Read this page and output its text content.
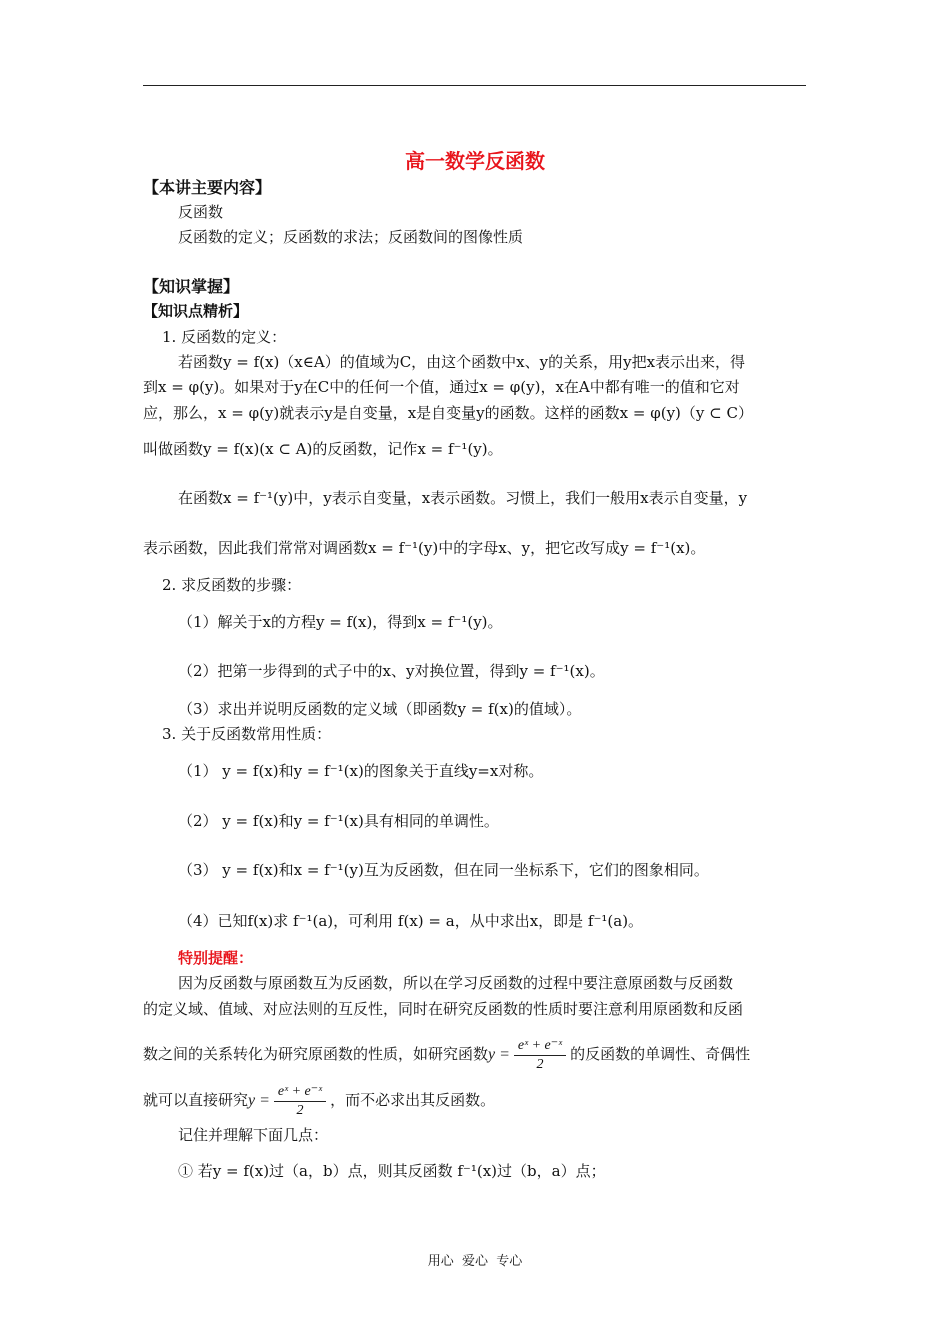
高一数学反函数
【本讲主要内容】
反函数
反函数的定义；反函数的求法；反函数间的图像性质
【知识掌握】
【知识点精析】
1. 反函数的定义：
若函数y = f(x)（x∈A）的值域为C，由这个函数中x、y的关系，用y把x表示出来，得
到x = φ(y)。如果对于y在C中的任何一个值，通过x = φ(y)，x在A中都有唯一的值和它对
应，那么，x = φ(y)就表示y是自变量，x是自变量y的函数。这样的函数x = φ(y)（y ⊂ C）
叫做函数y = f(x)(x ⊂ A)的反函数，记作x = f⁻¹(y)。
在函数x = f⁻¹(y)中，y表示自变量，x表示函数。习惯上，我们一般用x表示自变量，y
表示函数，因此我们常常对调函数x = f⁻¹(y)中的字母x、y，把它改写成y = f⁻¹(x)。
2. 求反函数的步骤：
（1）解关于x的方程y = f(x)，得到x = f⁻¹(y)。
（2）把第一步得到的式子中的x、y对换位置，得到y = f⁻¹(x)。
（3）求出并说明反函数的定义域（即函数y = f(x)的值域）。
3. 关于反函数常用性质：
（1） y = f(x)和y = f⁻¹(x)的图象关于直线y=x对称。
（2） y = f(x)和y = f⁻¹(x)具有相同的单调性。
（3） y = f(x)和x = f⁻¹(y)互为反函数，但在同一坐标系下，它们的图象相同。
（4）已知f(x)求 f⁻¹(a)，可利用 f(x) = a，从中求出x，即是 f⁻¹(a)。
特别提醒：
因为反函数与原函数互为反函数，所以在学习反函数的过程中要注意原函数与反函数
的定义域、值域、对应法则的互反性，同时在研究反函数的性质时要注意利用原函数和反函
数之间的关系转化为研究原函数的性质，如研究函数$y = \frac{\text{eˣ + e⁻ˣ}}{2}$ 的反函数的单调性、奇偶性
就可以直接研究$y = \frac{\text{eˣ + e⁻ˣ}}{2}$ ，而不必求出其反函数。
记住并理解下面几点：
① 若y = f(x)过（a，b）点，则其反函数 f⁻¹(x)过（b，a）点；
用心  爱心  专心
